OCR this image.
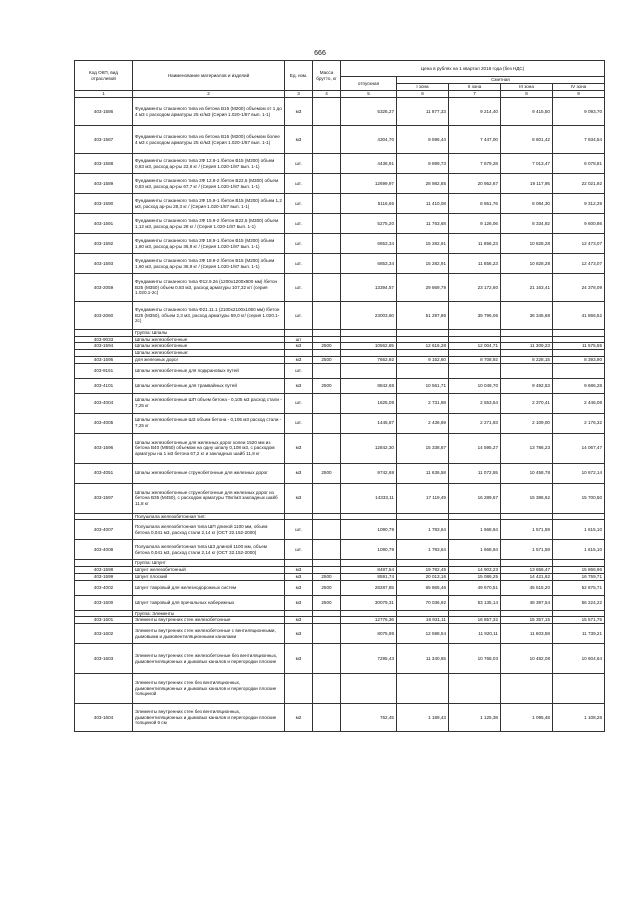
666
Код ОКП, вид отраслевой	Наименование материалов и изделий	Ед. изм.	Масса брутто, кг	Цена в рублях на 1 квартал 2018 года (без НДС)				
				отпускная	Сметная			
					I зона	II зона	III зона	IV зона
1	2	3	4	5	6	7	8	9
403-1586	Фундаменты стаканного типа из бетона В15 (М200) объемом от 1 до 4 м3 с расходом арматуры 25 кг/м3 (Серия 1.020-1/87 вып. 1-1)	м3		5326,27	11 877,33	9 214,40	9 415,50	9 093,70
403-1587	Фундаменты стаканного типа из бетона В15 (М200) объемом более 4 м3 с расходом арматуры 25 кг/м3 (Серия 1.020-1/87 вып. 1-1)	м3		4304,70	9 596,44	7 447,00	8 601,42	7 934,54
403-1588	Фундаменты стаканного типа 2Ф 12.9-1 /бетон В15 (М200) объем 0,83 м3, расход ар-ры 22,6 кг / (Серия 1.020-1/87 вып. 1-1)	шт.		4436,91	9 899,73	7 679,28	7 013,47	6 078,81
403-1589	Фундаменты стаканного типа 2Ф 12.9-2 /бетон В22,5 (М300) объем 0,83 м3, расход ар-ры 67,7 кг / (Серия 1.020-1/87 вып. 1-1)	шт.		12699,97	28 982,85	20 952,67	19 117,95	22 021,92
403-1590	Фундаменты стаканного типа 2Ф 15.9-1 /бетон В15 (М200) объем 1,2 м3, расход ар-ры 28,3 кг / (Серия 1.020-1/87 вып. 1-1)	шт.		5116,65	11 410,08	8 851,76	8 084,30	9 312,29
403-1591	Фундаменты стаканного типа 2Ф 15.9-2 /бетон В22,5 (М300) объем 1,12 м3, расход ар-ры 28 кг / (Серия 1.020-1/87 вып. 1-1)	шт.		5275,20	11 763,68	9 126,06	8 334,92	9 600,86
403-1592	Фундаменты стаканного типа 2Ф 18.9-1 /бетон В15 (М200) объем 1,60 м3, расход ар-ры 36,9 кг / (Серия 1.020-1/87 вып. 1-1)	шт.		6853,34	15 282,91	11 856,23	10 828,28	12 473,07
403-1593	Фундаменты стаканного типа 2Ф 18.9-2 /бетон В15 (М200) объем 1,60 м3, расход ар-ры 36,9 кг / (Серия 1.020-1/87 вып. 1-1)	шт.		6853,34	15 282,91	11 856,23	10 828,28	12 473,07
403-2059	Фундаменты стаканного типа Ф12.9.2в (1200х1200х900 мм) /бетон В25 (М350) объем 0,83 м3, расход арматуры 107,32 кг/ (серия 1.020.1-2с)	шт.		13394,57	29 869,79	23 172,60	21 163,41	24 378,09
403-2060	Фундаменты стаканного типа Ф21.11.1 (2100х2100х1050 мм) /бетон В25 (М350), объем 2,3 м3, расход арматуры 59,0 кг/ (серия 1.020.1-2с)	шт.		23003,60	51 297,86	39 796,06	36 345,68	41 866,52
	Группа: Шпалы							
403-9033	Шпалы железобетонные	шт						
403-1594	Шпалы железобетонные	м3	2500	10562,85	12 616,28	12 004,71	11 309,23	11 575,55
	Шпалы железобетонные:							
403-1595	для железных дорог	м3	2500	7662,92	9 152,60	8 708,92	8 228,15	8 393,90
403-9151	Шпалы железобетонные для подкрановых путей	шт.						
403-4101	Шпалы железобетонные для трамвайных путей	м3	2500	8842,68	10 561,71	10 049,70	9 492,53	9 686,28
403-4004	Шпалы железобетонные ШП объем бетона - 0,105 м3 расход стали - 7,25 кг	шт.		1625,08	2 731,98	2 553,54	2 370,41	2 446,08
403-4005	Шпалы железобетонные ШЗ объем бетона - 0,105 м3 расход стали - 7,25 кг	шт.		1445,87	2 436,69	2 271,93	2 109,00	2 176,32
403-1596	Шпалы железобетонные для железных дорог колеи 1520 мм из бетона В40 (М550) объемом на одну шпалу 0,108 м3, с расходом арматуры на 1 м3 бетона 67,2 кг и закладных шайб 11,8 кг	м3		12842,30	15 338,87	14 595,27	13 786,23	14 067,47
403-4051	Шпалы железобетонные струнобетонные для железных дорог	м3	2500	9742,68	11 636,58	11 072,55	10 458,78	10 672,14
403-1597	Шпалы железобетонные струнобетонные для железных дорог из бетона В35 (М450), с расходом арматуры 70кг/м3 закладных шайб 11,8 кг	м3		14333,11	17 119,49	16 289,57	15 386,62	15 700,50
	Полушпала железобетонная тип:							
403-4007	Полушпала железобетонная типа ШП длиной 1100 мм, объем бетона 0,041 м3, расход стали 2,14 кг (ОСТ 32.152-2000)	шт.		1090,79	1 783,64	1 668,94	1 571,59	1 615,10
403-4008	Полушпала железобетонная типа ШЗ длиной 1100 мм, объем бетона 0,041 м3, расход стали 2,14 кг (ОСТ 32.152-2000)	шт.		1090,79	1 783,64	1 668,94	1 571,59	1 615,10
	Группа: Шпунт							
403-1598	Шпунт железобетонный	м3		8487,54	19 782,45	14 903,23	13 656,47	15 866,96
403-1599	Шпунт плоский	м3	2500	8591,74	20 013,16	15 086,25	14 421,62	16 759,71
403-4002	Шпунт тавровый для железнодорожных систем	м3	2500	28287,85	65 865,46	49 670,51	45 515,20	52 875,71
403-1600	Шпунт тавровый для причальных набережных	м3	2500	30079,31	70 036,92	53 135,14	48 397,54	56 224,22
	Группа: Элементы							
403-1601	Элементы внутренних стен железобетонные	м3		12776,36	16 931,11	16 857,32	15 357,15	15 571,75
403-1602	Элементы внутренних стен железобетонные с вентиляционными, дымовыми и дымовентиляционными каналами	м3		8075,98	12 598,54	11 920,11	11 603,58	11 739,21
403-1603	Элементы внутренних стен железобетонные без вентиляционных, дымовентиляционных и дымовых каналов и перегородки плоские	м3		7295,43	11 340,65	10 768,03	10 482,08	10 604,64
	Элементы внутренних стен без вентиляционных, дымовентиляционных и дымовых каналов и перегородки плоские толщиной							
403-1604	Элементы внутренних стен без вентиляционных, дымовентиляционных и дымовых каналов и перегородки плоские толщиной 6 см	м2		762,45	1 189,43	1 125,38	1 095,48	1 108,28
